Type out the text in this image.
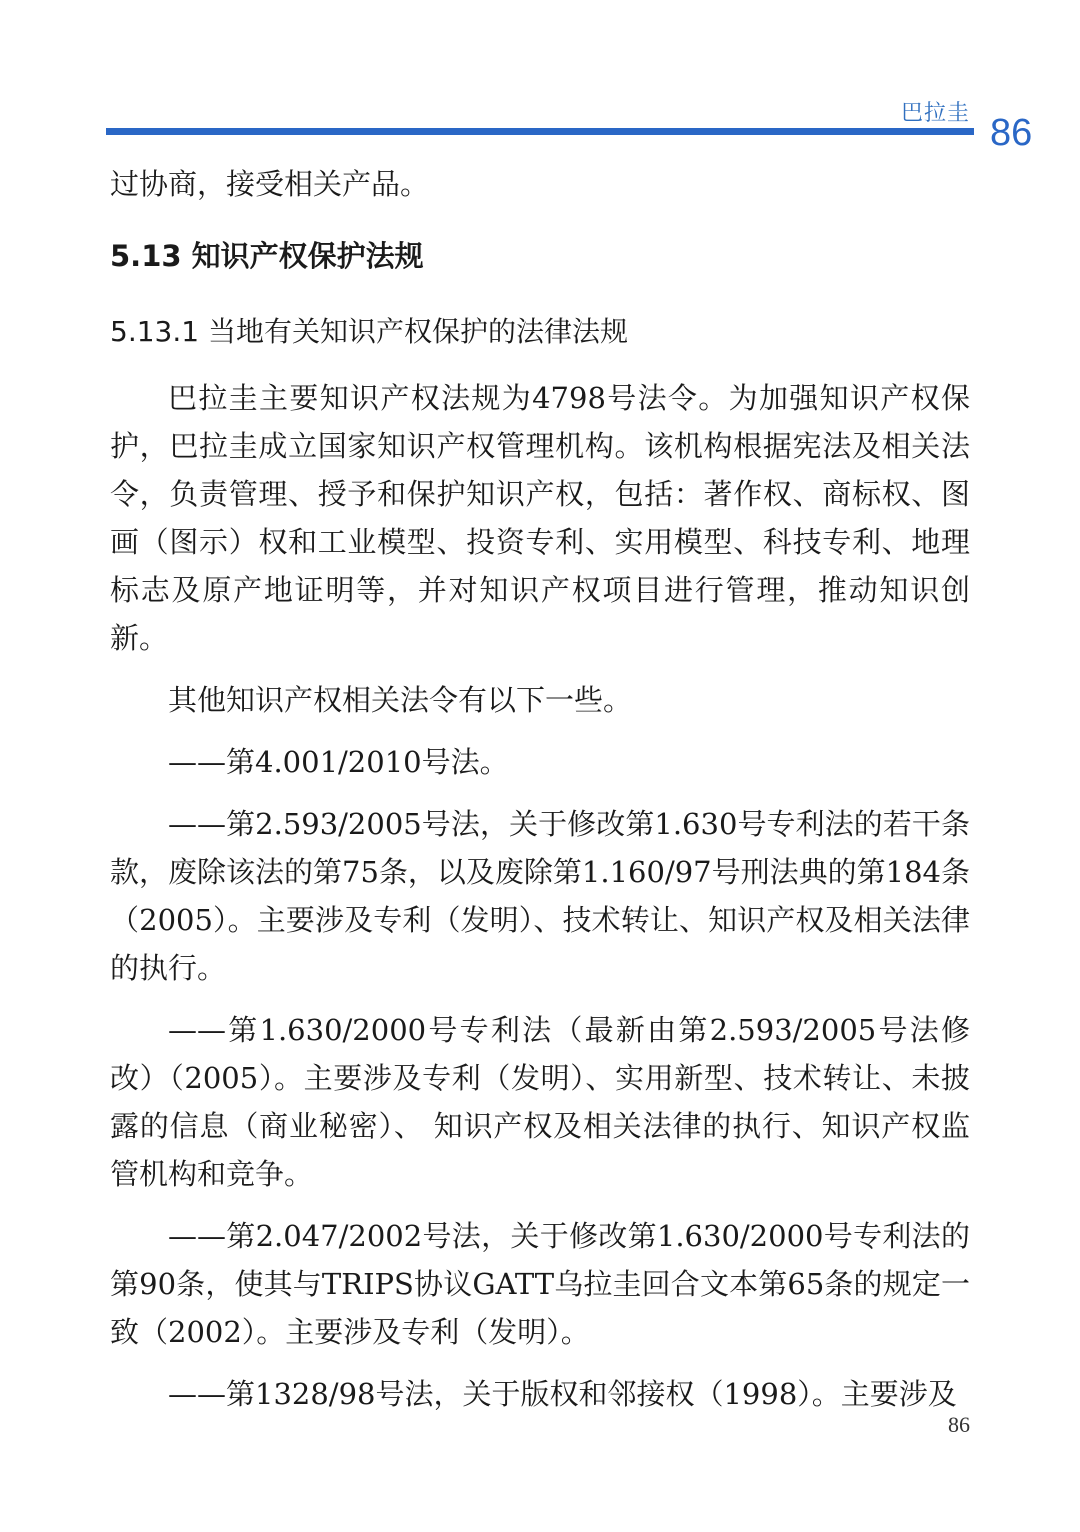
巴拉圭 86

过协商，接受相关产品。

5.13 知识产权保护法规

5.13.1 当地有关知识产权保护的法律法规

巴拉圭主要知识产权法规为4798号法令。为加强知识产权保护，巴拉圭成立国家知识产权管理机构。该机构根据宪法及相关法令，负责管理、授予和保护知识产权，包括：著作权、商标权、图画（图示）权和工业模型、投资专利、实用模型、科技专利、地理标志及原产地证明等，并对知识产权项目进行管理，推动知识创新。

其他知识产权相关法令有以下一些。

——第4.001/2010号法。

——第2.593/2005号法，关于修改第1.630号专利法的若干条款，废除该法的第75条，以及废除第1.160/97号刑法典的第184条（2005）。主要涉及专利（发明）、技术转让、知识产权及相关法律的执行。

——第1.630/2000号专利法（最新由第2.593/2005号法修改）（2005）。主要涉及专利（发明）、实用新型、技术转让、未披露的信息（商业秘密）、 知识产权及相关法律的执行、知识产权监管机构和竞争。

——第2.047/2002号法，关于修改第1.630/2000号专利法的第90条，使其与TRIPS协议GATT乌拉圭回合文本第65条的规定一致（2002）。主要涉及专利（发明）。

——第1328/98号法，关于版权和邻接权（1998）。主要涉及

86
